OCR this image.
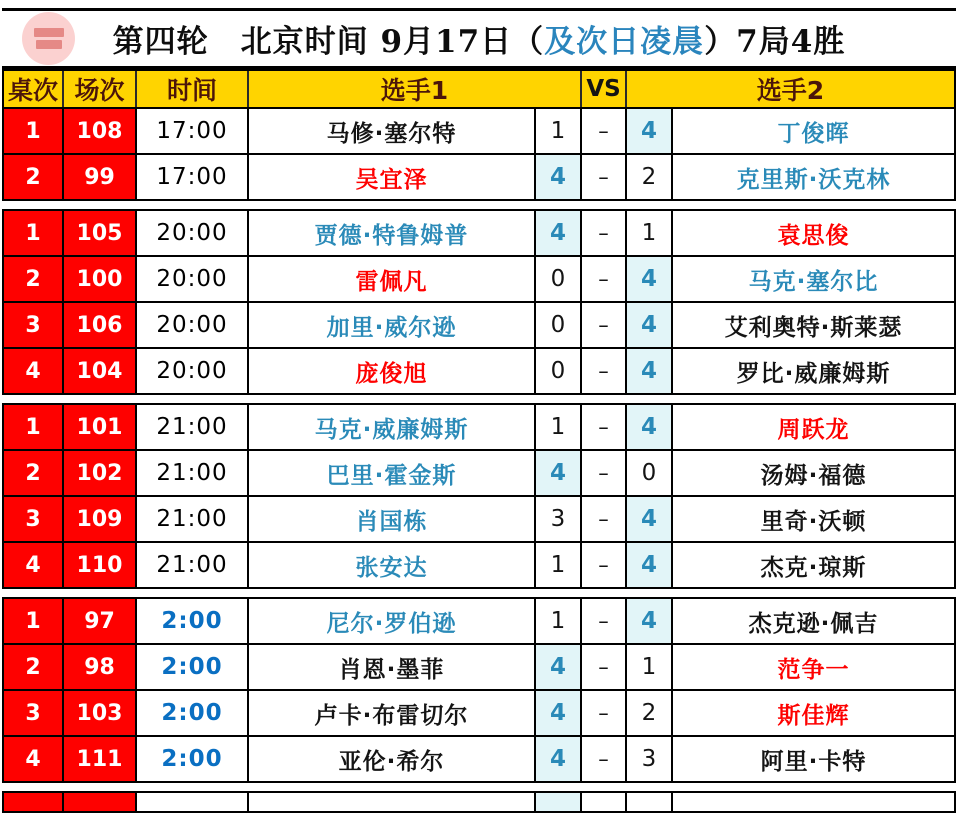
第四轮　北京时间 9月17日（及次日凌晨）7局4胜
桌次 场次	时间	选手1	VS	选手2
1	108	17:00	马修·塞尔特	1	–	4	丁俊晖
2	99	17:00	吴宜泽	4	–	2	克里斯·沃克林
1	105	20:00	贾德·特鲁姆普	4	–	1	袁思俊
2	100	20:00	雷佩凡	0	–	4	马克·塞尔比
3	106	20:00	加里·威尔逊	0	–	4	艾利奥特·斯莱瑟
4	104	20:00	庞俊旭	0	–	4	罗比·威廉姆斯
1	101	21:00	马克·威廉姆斯	1	–	4	周跃龙
2	102	21:00	巴里·霍金斯	4	–	0	汤姆·福德
3	109	21:00	肖国栋	3	–	4	里奇·沃顿
4	110	21:00	张安达	1	–	4	杰克·琼斯
1	97	2:00	尼尔·罗伯逊	1	–	4	杰克逊·佩吉
2	98	2:00	肖恩·墨菲	4	–	1	范争一
3	103	2:00	卢卡·布雷切尔	4	–	2	斯佳辉
4	111	2:00	亚伦·希尔	4	–	3	阿里·卡特
